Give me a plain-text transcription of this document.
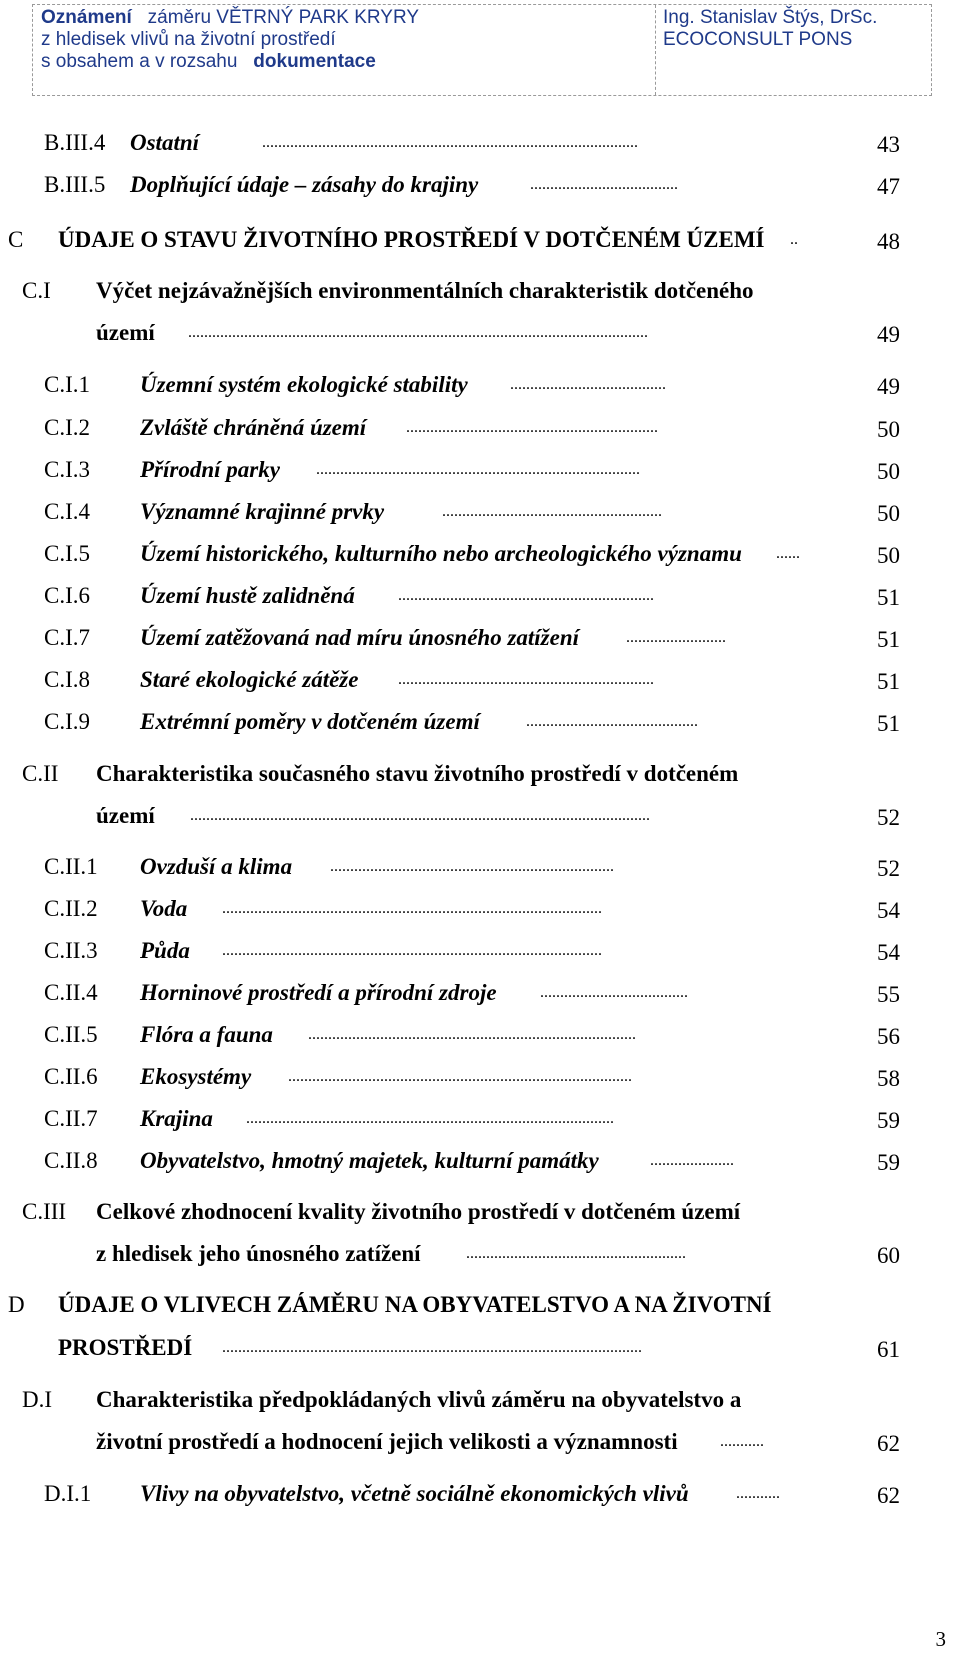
Oznámení záměru VĚTRNÝ PARK KRYRY
z hledisek vlivů na životní prostředí
s obsahem a v rozsahu dokumentace
Ing. Stanislav Štýs, DrSc.
ECOCONSULT PONS
B.III.4 Ostatní	..............................................................................................	43
B.III.5 Doplňující údaje – zásahy do krajiny	.....................................	47
C ÚDAJE O STAVU ŽIVOTNÍHO PROSTŘEDÍ V DOTČENÉM ÚZEMÍ ..	48
C.I Výčet nejzávažnějších environmentálních charakteristik dotčeného
území ...................................................................................................................	49
C.I.1 Územní systém ekologické stability	.......................................	49
C.I.2 Zvláště chráněná území ...............................................................	50
C.I.3 Přírodní parky .................................................................................	50
C.I.4 Významné krajinné prvky	.......................................................	50
C.I.5 Území historického, kulturního nebo archeologického významu ......	50
C.I.6 Území hustě zalidněná	................................................................	51
C.I.7 Území zatěžovaná nad míru únosného zatížení	.........................	51
C.I.8 Staré ekologické zátěže ................................................................	51
C.I.9 Extrémní poměry v dotčeném území	...........................................	51
C.II Charakteristika současného stavu životního prostředí v dotčeném
území ...................................................................................................................	52
C.II.1 Ovzduší a klima .......................................................................	52
C.II.2 Voda ...............................................................................................	54
C.II.3 Půda ...............................................................................................	54
C.II.4 Horninové prostředí a přírodní zdroje	.....................................	55
C.II.5 Flóra a fauna ..................................................................................	56
C.II.6 Ekosystémy ......................................................................................	58
C.II.7 Krajina ............................................................................................	59
C.II.8 Obyvatelstvo, hmotný majetek, kulturní památky	.....................	59
C.III Celkové zhodnocení kvality životního prostředí v dotčeném území
z hledisek jeho únosného zatížení	.......................................................	60
D ÚDAJE O VLIVECH ZÁMĚRU NA OBYVATELSTVO A NA ŽIVOTNÍ
PROSTŘEDÍ .........................................................................................................	61
D.I Charakteristika předpokládaných vlivů záměru na obyvatelstvo a
životní prostředí a hodnocení jejich velikosti a významnosti	...........	62
D.I.1 Vlivy na obyvatelstvo, včetně sociálně ekonomických vlivů	...........	62
3
